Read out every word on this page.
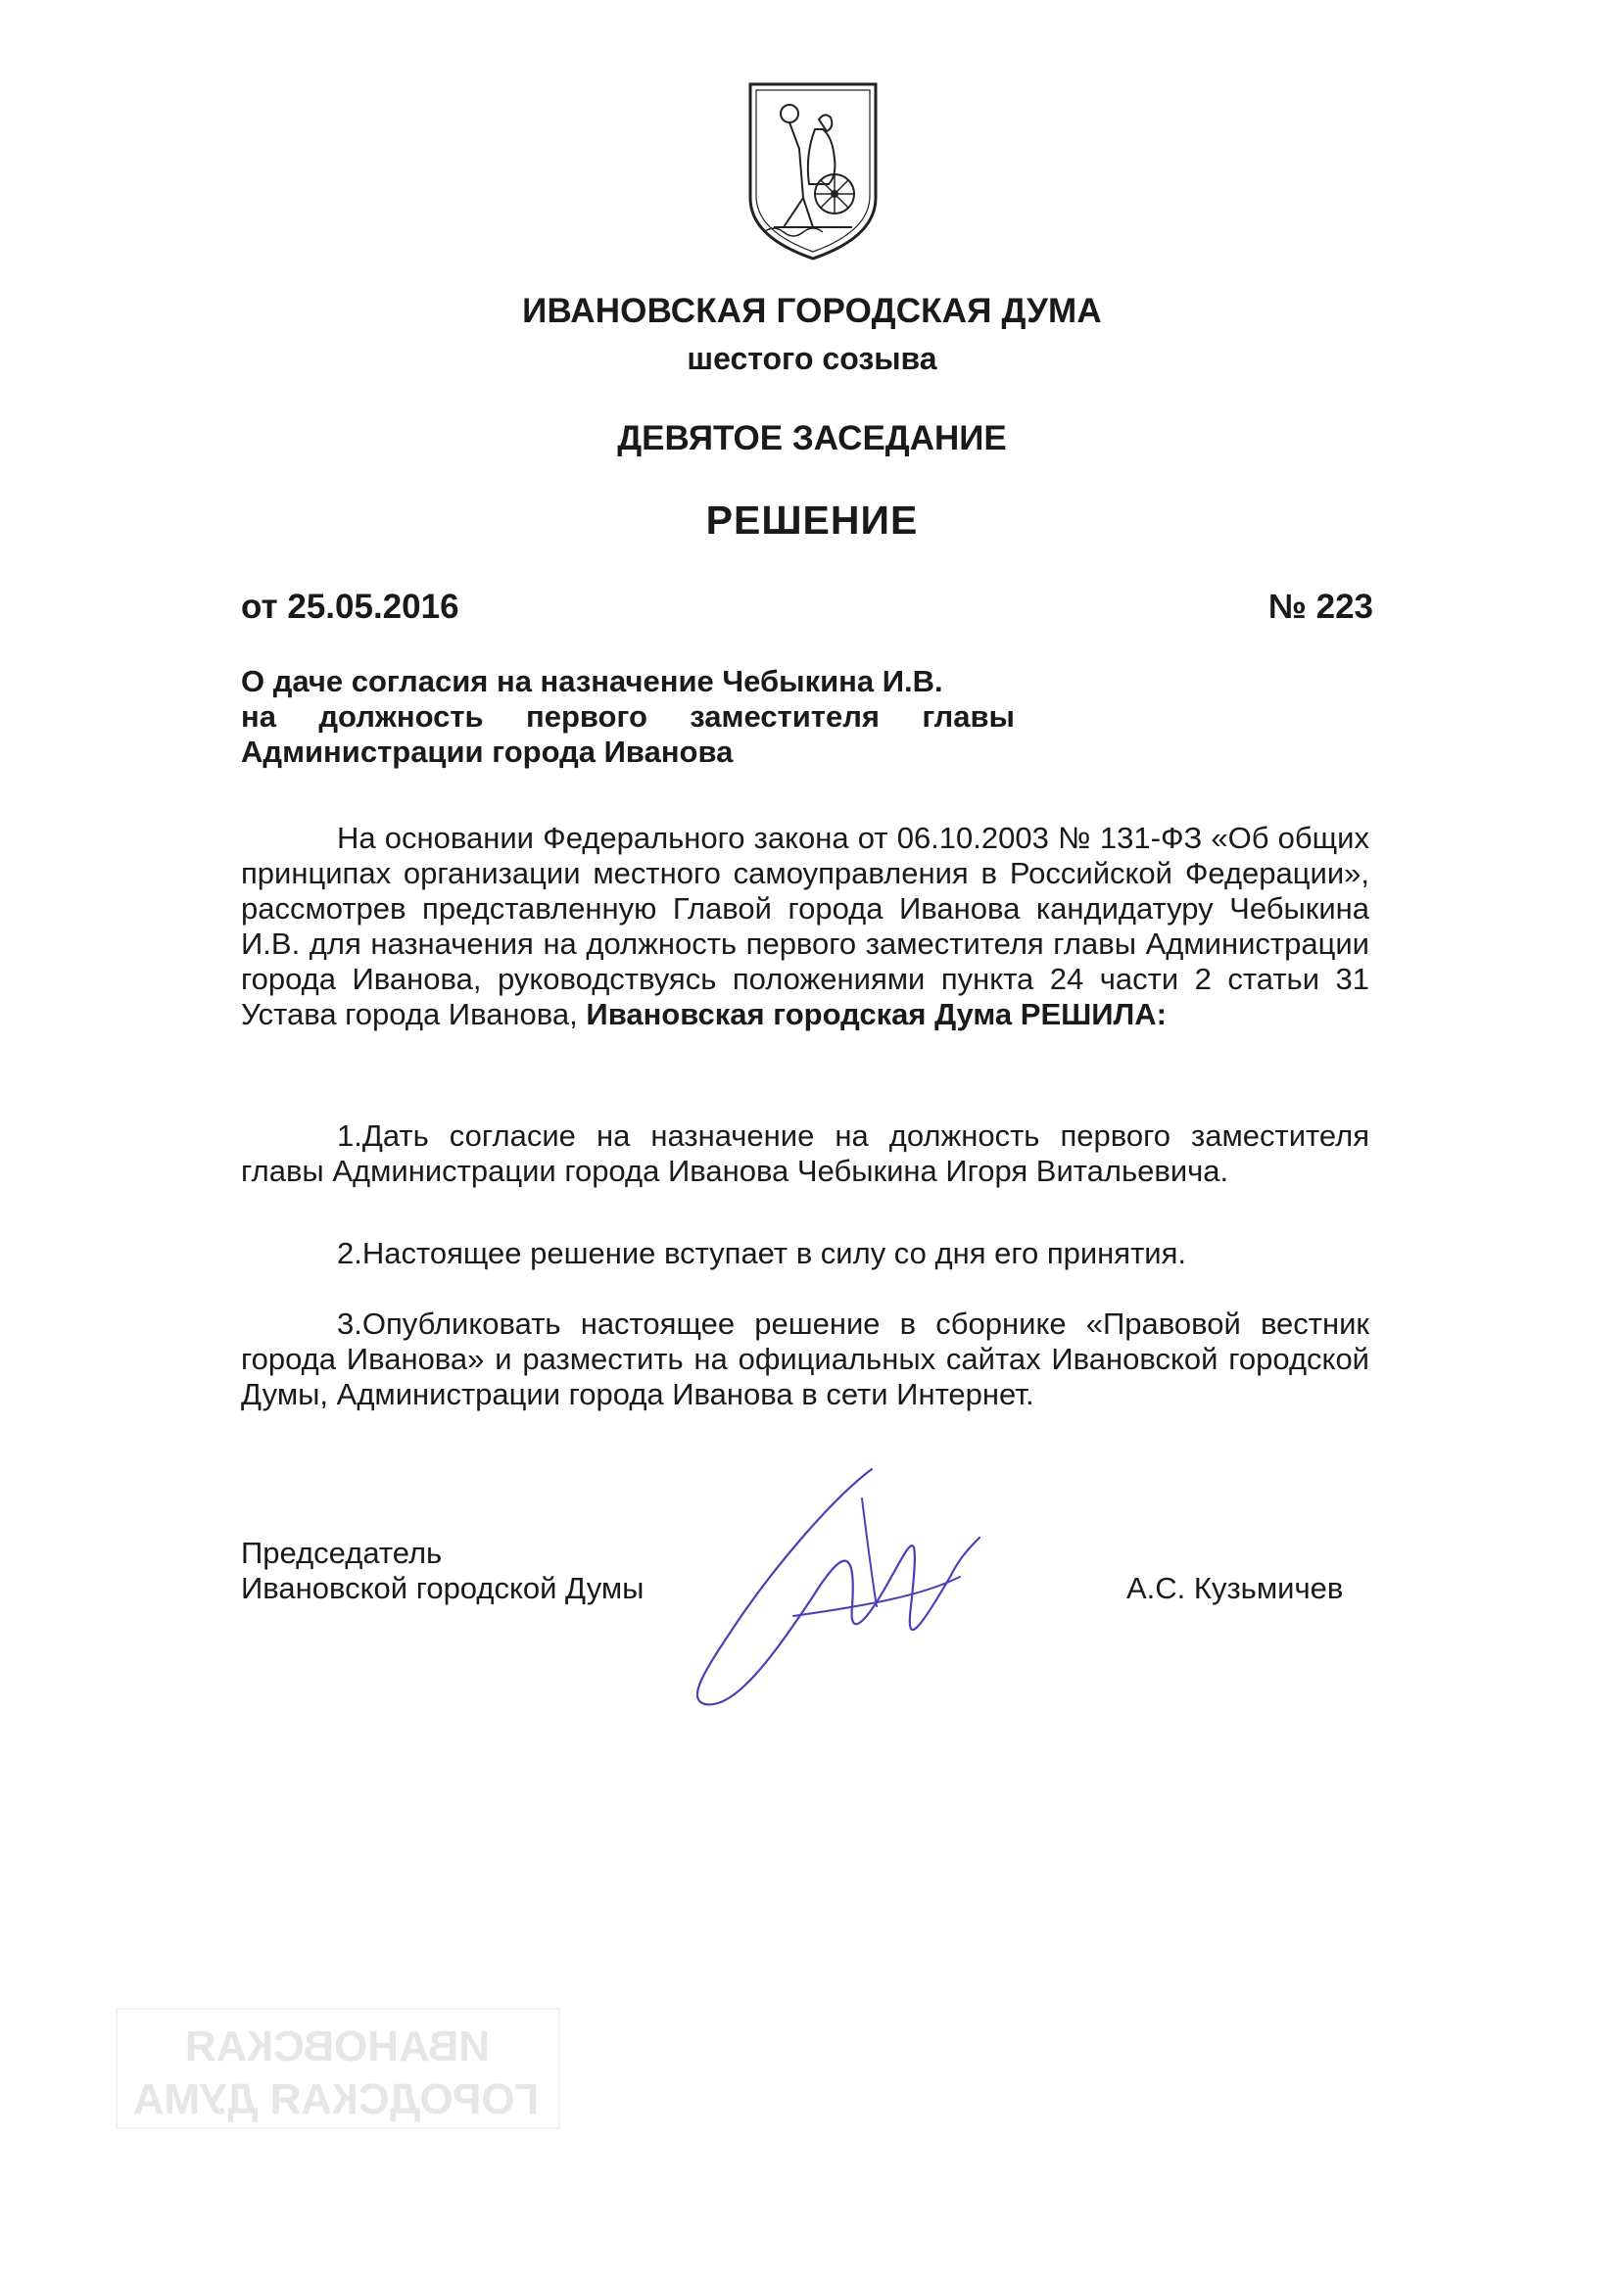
ИВАНОВСКАЯ ГОРОДСКАЯ ДУМА
шестого созыва
ДЕВЯТОЕ ЗАСЕДАНИЕ
РЕШЕНИЕ
от 25.05.2016	№ 223
О даче согласия на назначение Чебыкина И.В.
на должность первого заместителя главы
Администрации города Иванова
На основании Федерального закона от 06.10.2003 № 131-ФЗ «Об общих принципах организации местного самоуправления в Российской Федерации», рассмотрев представленную Главой города Иванова кандидатуру Чебыкина И.В. для назначения на должность первого заместителя главы Администрации города Иванова, руководствуясь положениями пункта 24 части 2 статьи 31 Устава города Иванова, Ивановская городская Дума РЕШИЛА:
1.Дать согласие на назначение на должность первого заместителя главы Администрации города Иванова Чебыкина Игоря Витальевича.
2.Настоящее решение вступает в силу со дня его принятия.
3.Опубликовать настоящее решение в сборнике «Правовой вестник города Иванова» и разместить на официальных сайтах Ивановской городской Думы, Администрации города Иванова в сети Интернет.
Председатель
Ивановской городской Думы	А.С. Кузьмичев
ИВАНОВСКАЯ
ГОРОДСКАЯ ДУМА
